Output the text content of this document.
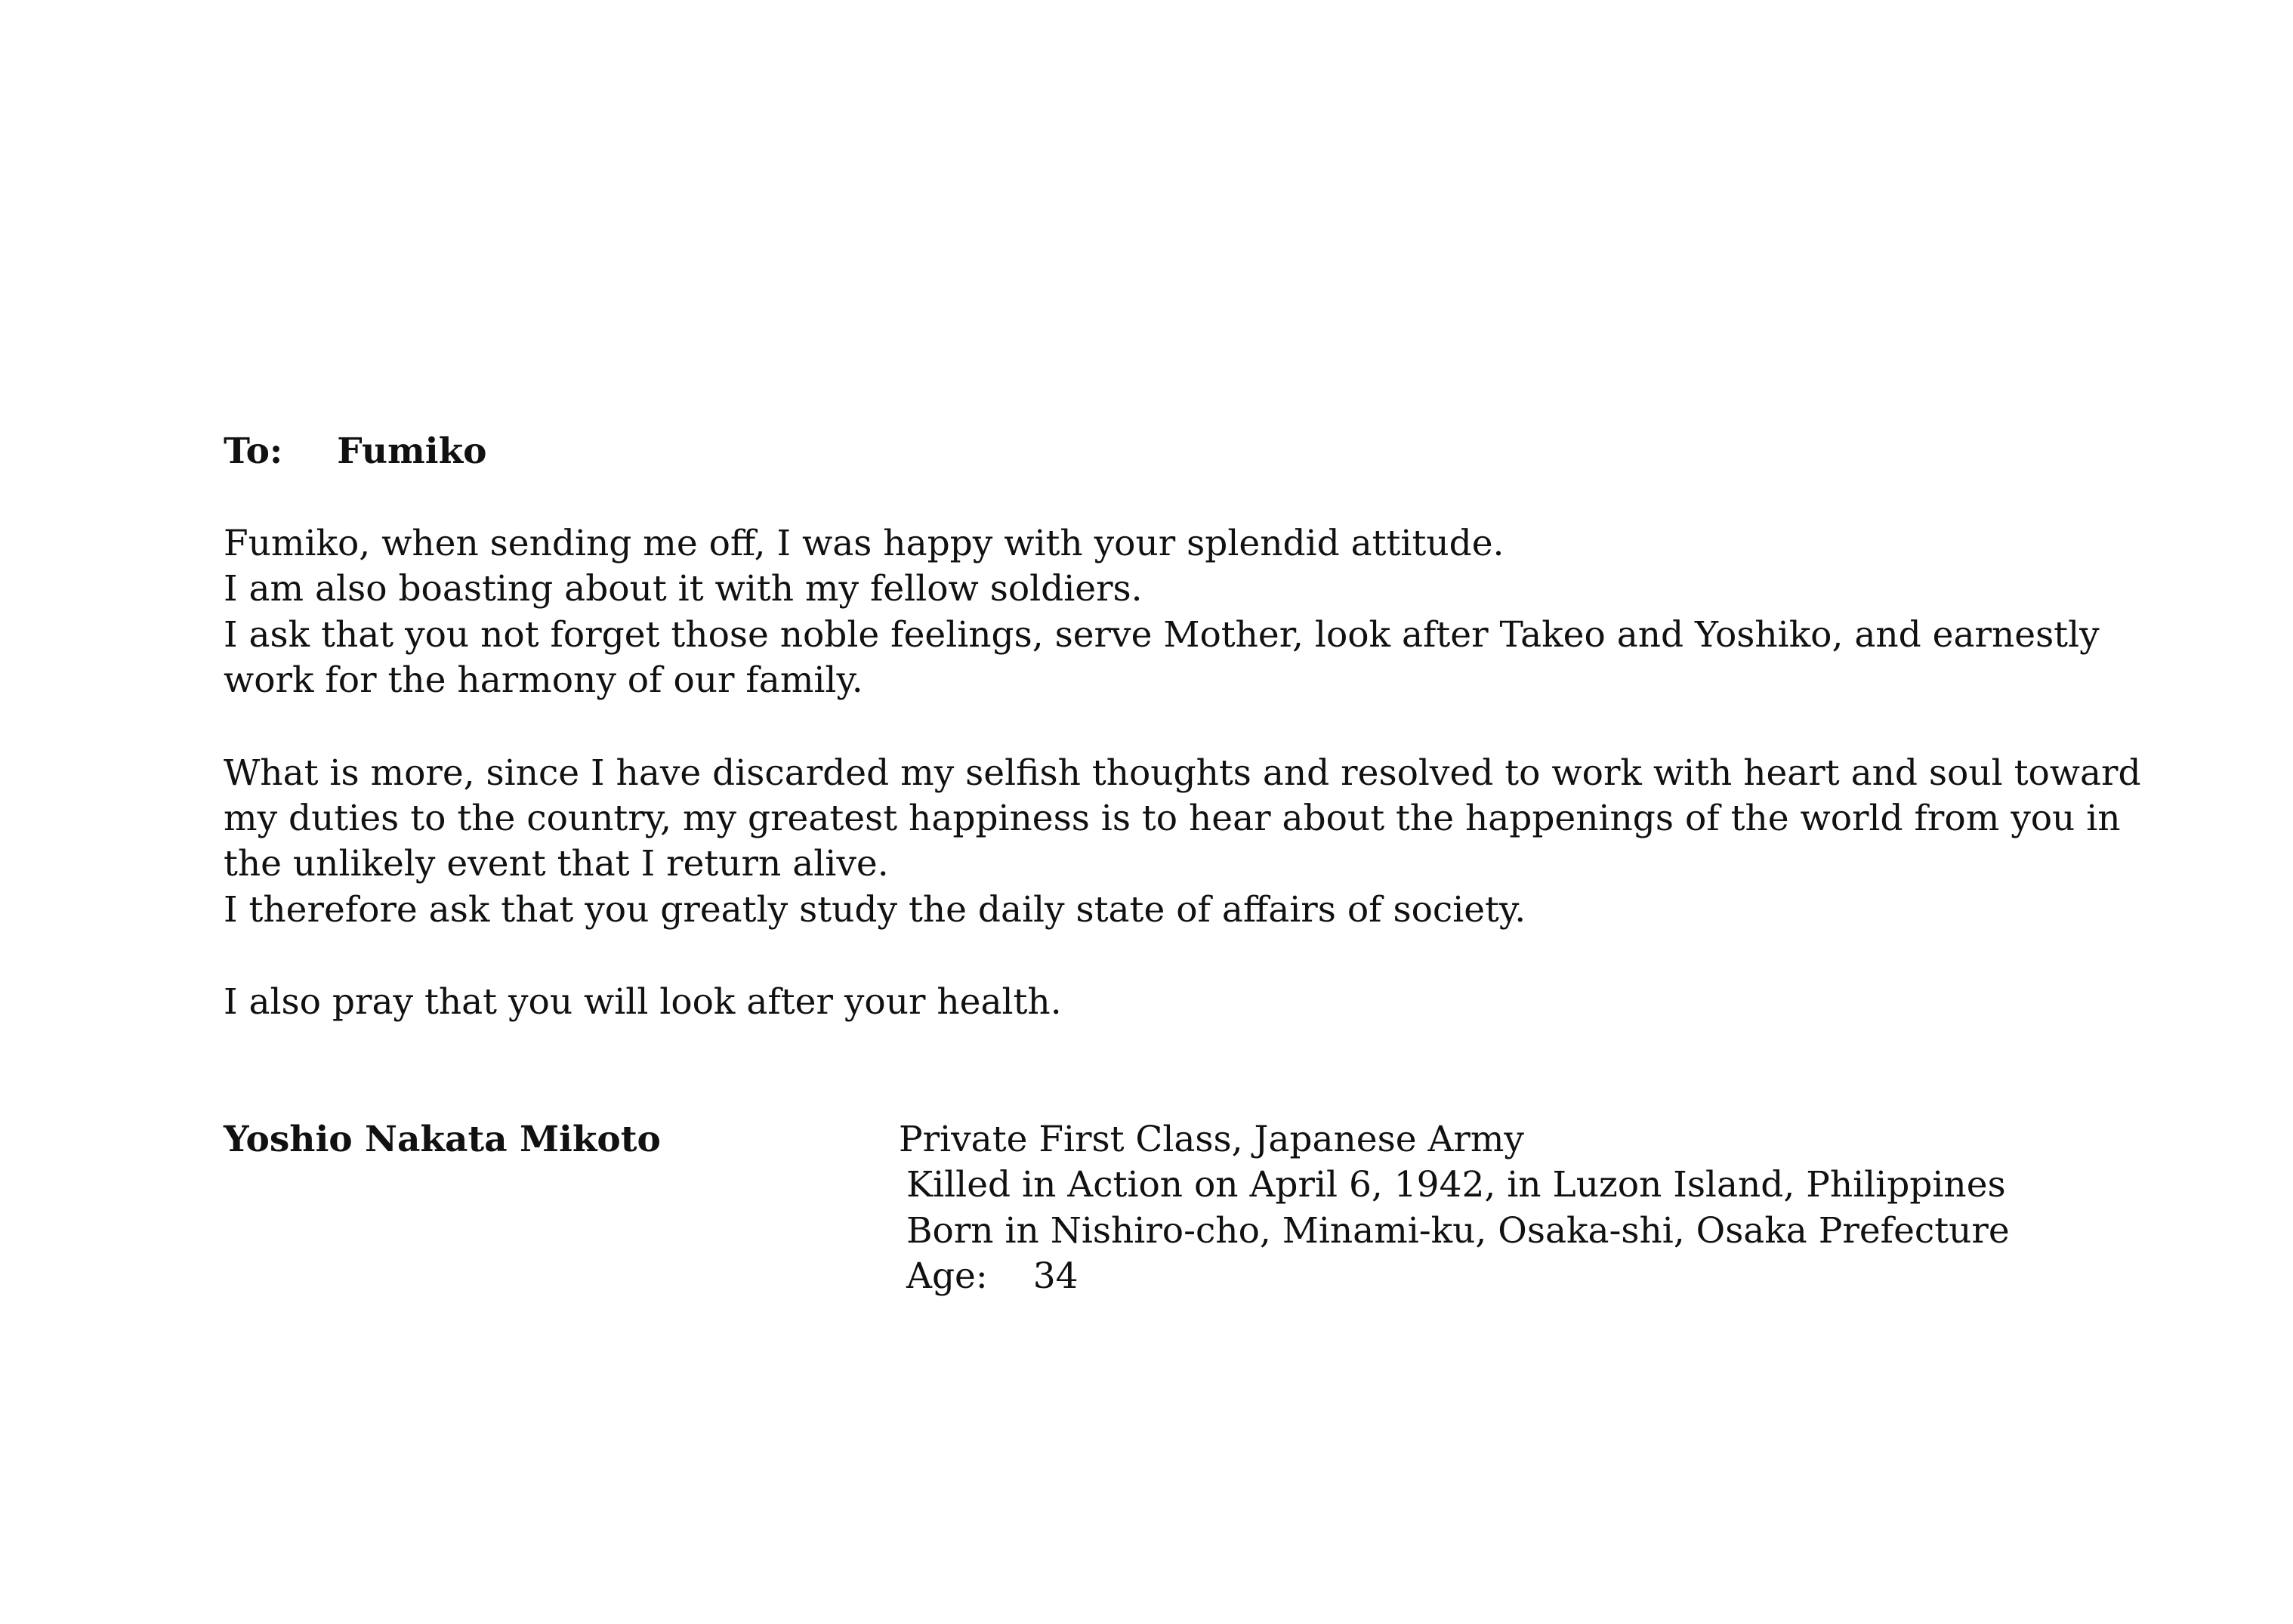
To: Fumiko
Fumiko, when sending me off, I was happy with your splendid attitude.
I am also boasting about it with my fellow soldiers.
I ask that you not forget those noble feelings, serve Mother, look after Takeo and Yoshiko, and earnestly
work for the harmony of our family.
What is more, since I have discarded my selfish thoughts and resolved to work with heart and soul toward
my duties to the country, my greatest happiness is to hear about the happenings of the world from you in
the unlikely event that I return alive.
I therefore ask that you greatly study the daily state of affairs of society.
I also pray that you will look after your health.
Yoshio Nakata Mikoto	Private First Class, Japanese Army
Killed in Action on April 6, 1942, in Luzon Island, Philippines
Born in Nishiro-cho, Minami-ku, Osaka-shi, Osaka Prefecture
Age: 34
